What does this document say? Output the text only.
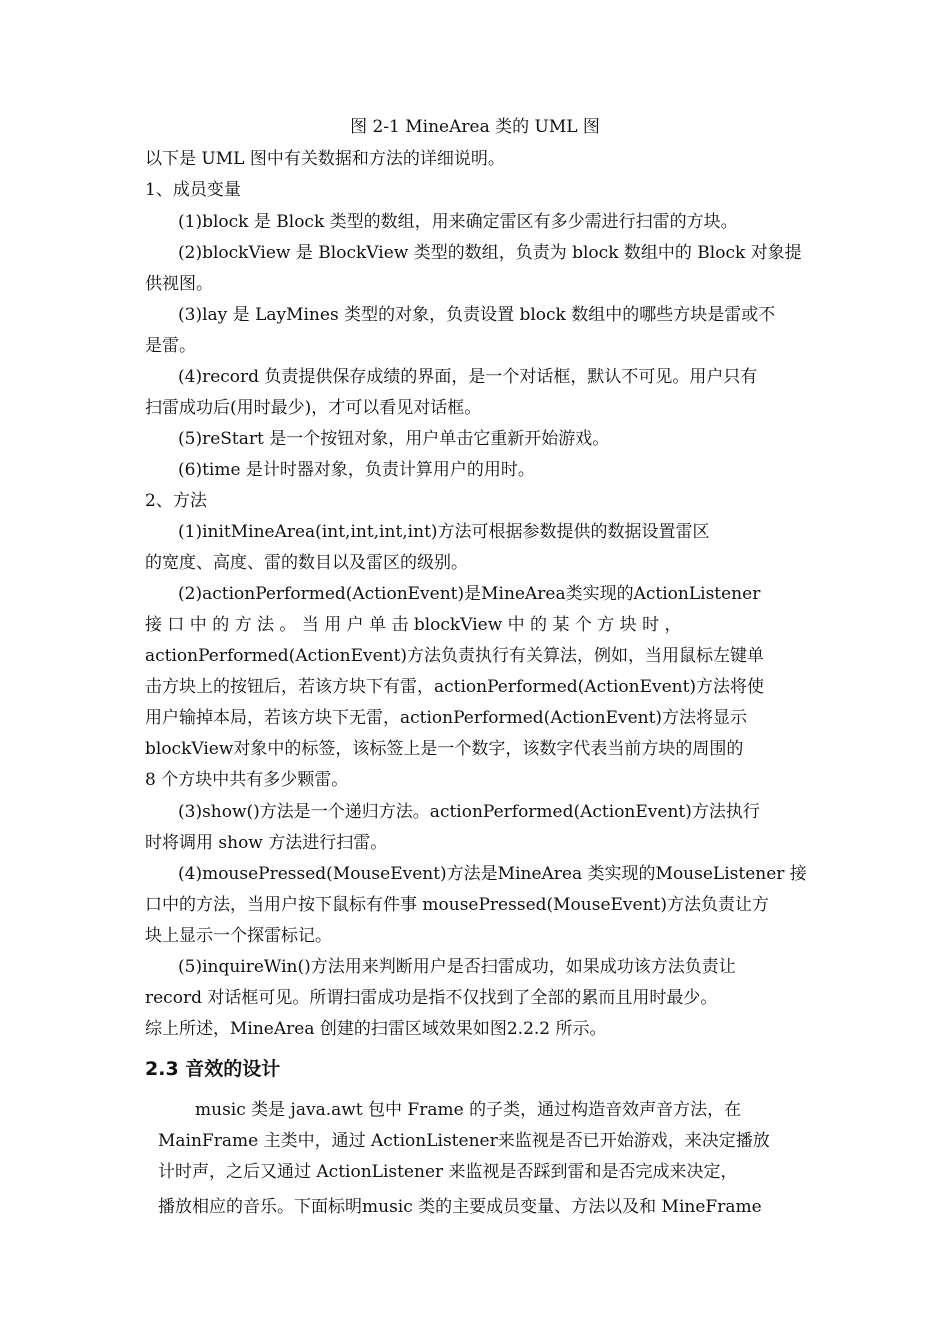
图 2-1 MineArea 类的 UML 图
以下是 UML 图中有关数据和方法的详细说明。
1、成员变量
(1)block 是 Block 类型的数组，用来确定雷区有多少需进行扫雷的方块。
(2)blockView 是 BlockView 类型的数组，负责为 block 数组中的 Block 对象提
供视图。
(3)lay 是 LayMines 类型的对象，负责设置 block 数组中的哪些方块是雷或不
是雷。
(4)record 负责提供保存成绩的界面，是一个对话框，默认不可见。用户只有
扫雷成功后(用时最少)，才可以看见对话框。
(5)reStart 是一个按钮对象，用户单击它重新开始游戏。
(6)time 是计时器对象，负责计算用户的用时。
2、方法
(1)initMineArea(int,int,int,int)方法可根据参数提供的数据设置雷区
的宽度、高度、雷的数目以及雷区的级别。
(2)actionPerformed(ActionEvent)是MineArea类实现的ActionListener
接 口 中 的 方 法 。 当 用 户 单 击 blockView 中 的 某 个 方 块 时 ，
actionPerformed(ActionEvent)方法负责执行有关算法，例如，当用鼠标左键单
击方块上的按钮后，若该方块下有雷，actionPerformed(ActionEvent)方法将使
用户输掉本局，若该方块下无雷，actionPerformed(ActionEvent)方法将显示
blockView对象中的标签，该标签上是一个数字，该数字代表当前方块的周围的
8 个方块中共有多少颗雷。
(3)show()方法是一个递归方法。actionPerformed(ActionEvent)方法执行
时将调用 show 方法进行扫雷。
(4)mousePressed(MouseEvent)方法是MineArea 类实现的MouseListener 接
口中的方法，当用户按下鼠标有件事 mousePressed(MouseEvent)方法负责让方
块上显示一个探雷标记。
(5)inquireWin()方法用来判断用户是否扫雷成功，如果成功该方法负责让
record 对话框可见。所谓扫雷成功是指不仅找到了全部的累而且用时最少。
综上所述，MineArea 创建的扫雷区域效果如图2.2.2 所示。
2.3 音效的设计
music 类是 java.awt 包中 Frame 的子类，通过构造音效声音方法，在
MainFrame 主类中，通过 ActionListener来监视是否已开始游戏，来决定播放
计时声，之后又通过 ActionListener 来监视是否踩到雷和是否完成来决定，
播放相应的音乐。下面标明music 类的主要成员变量、方法以及和 MineFrame
